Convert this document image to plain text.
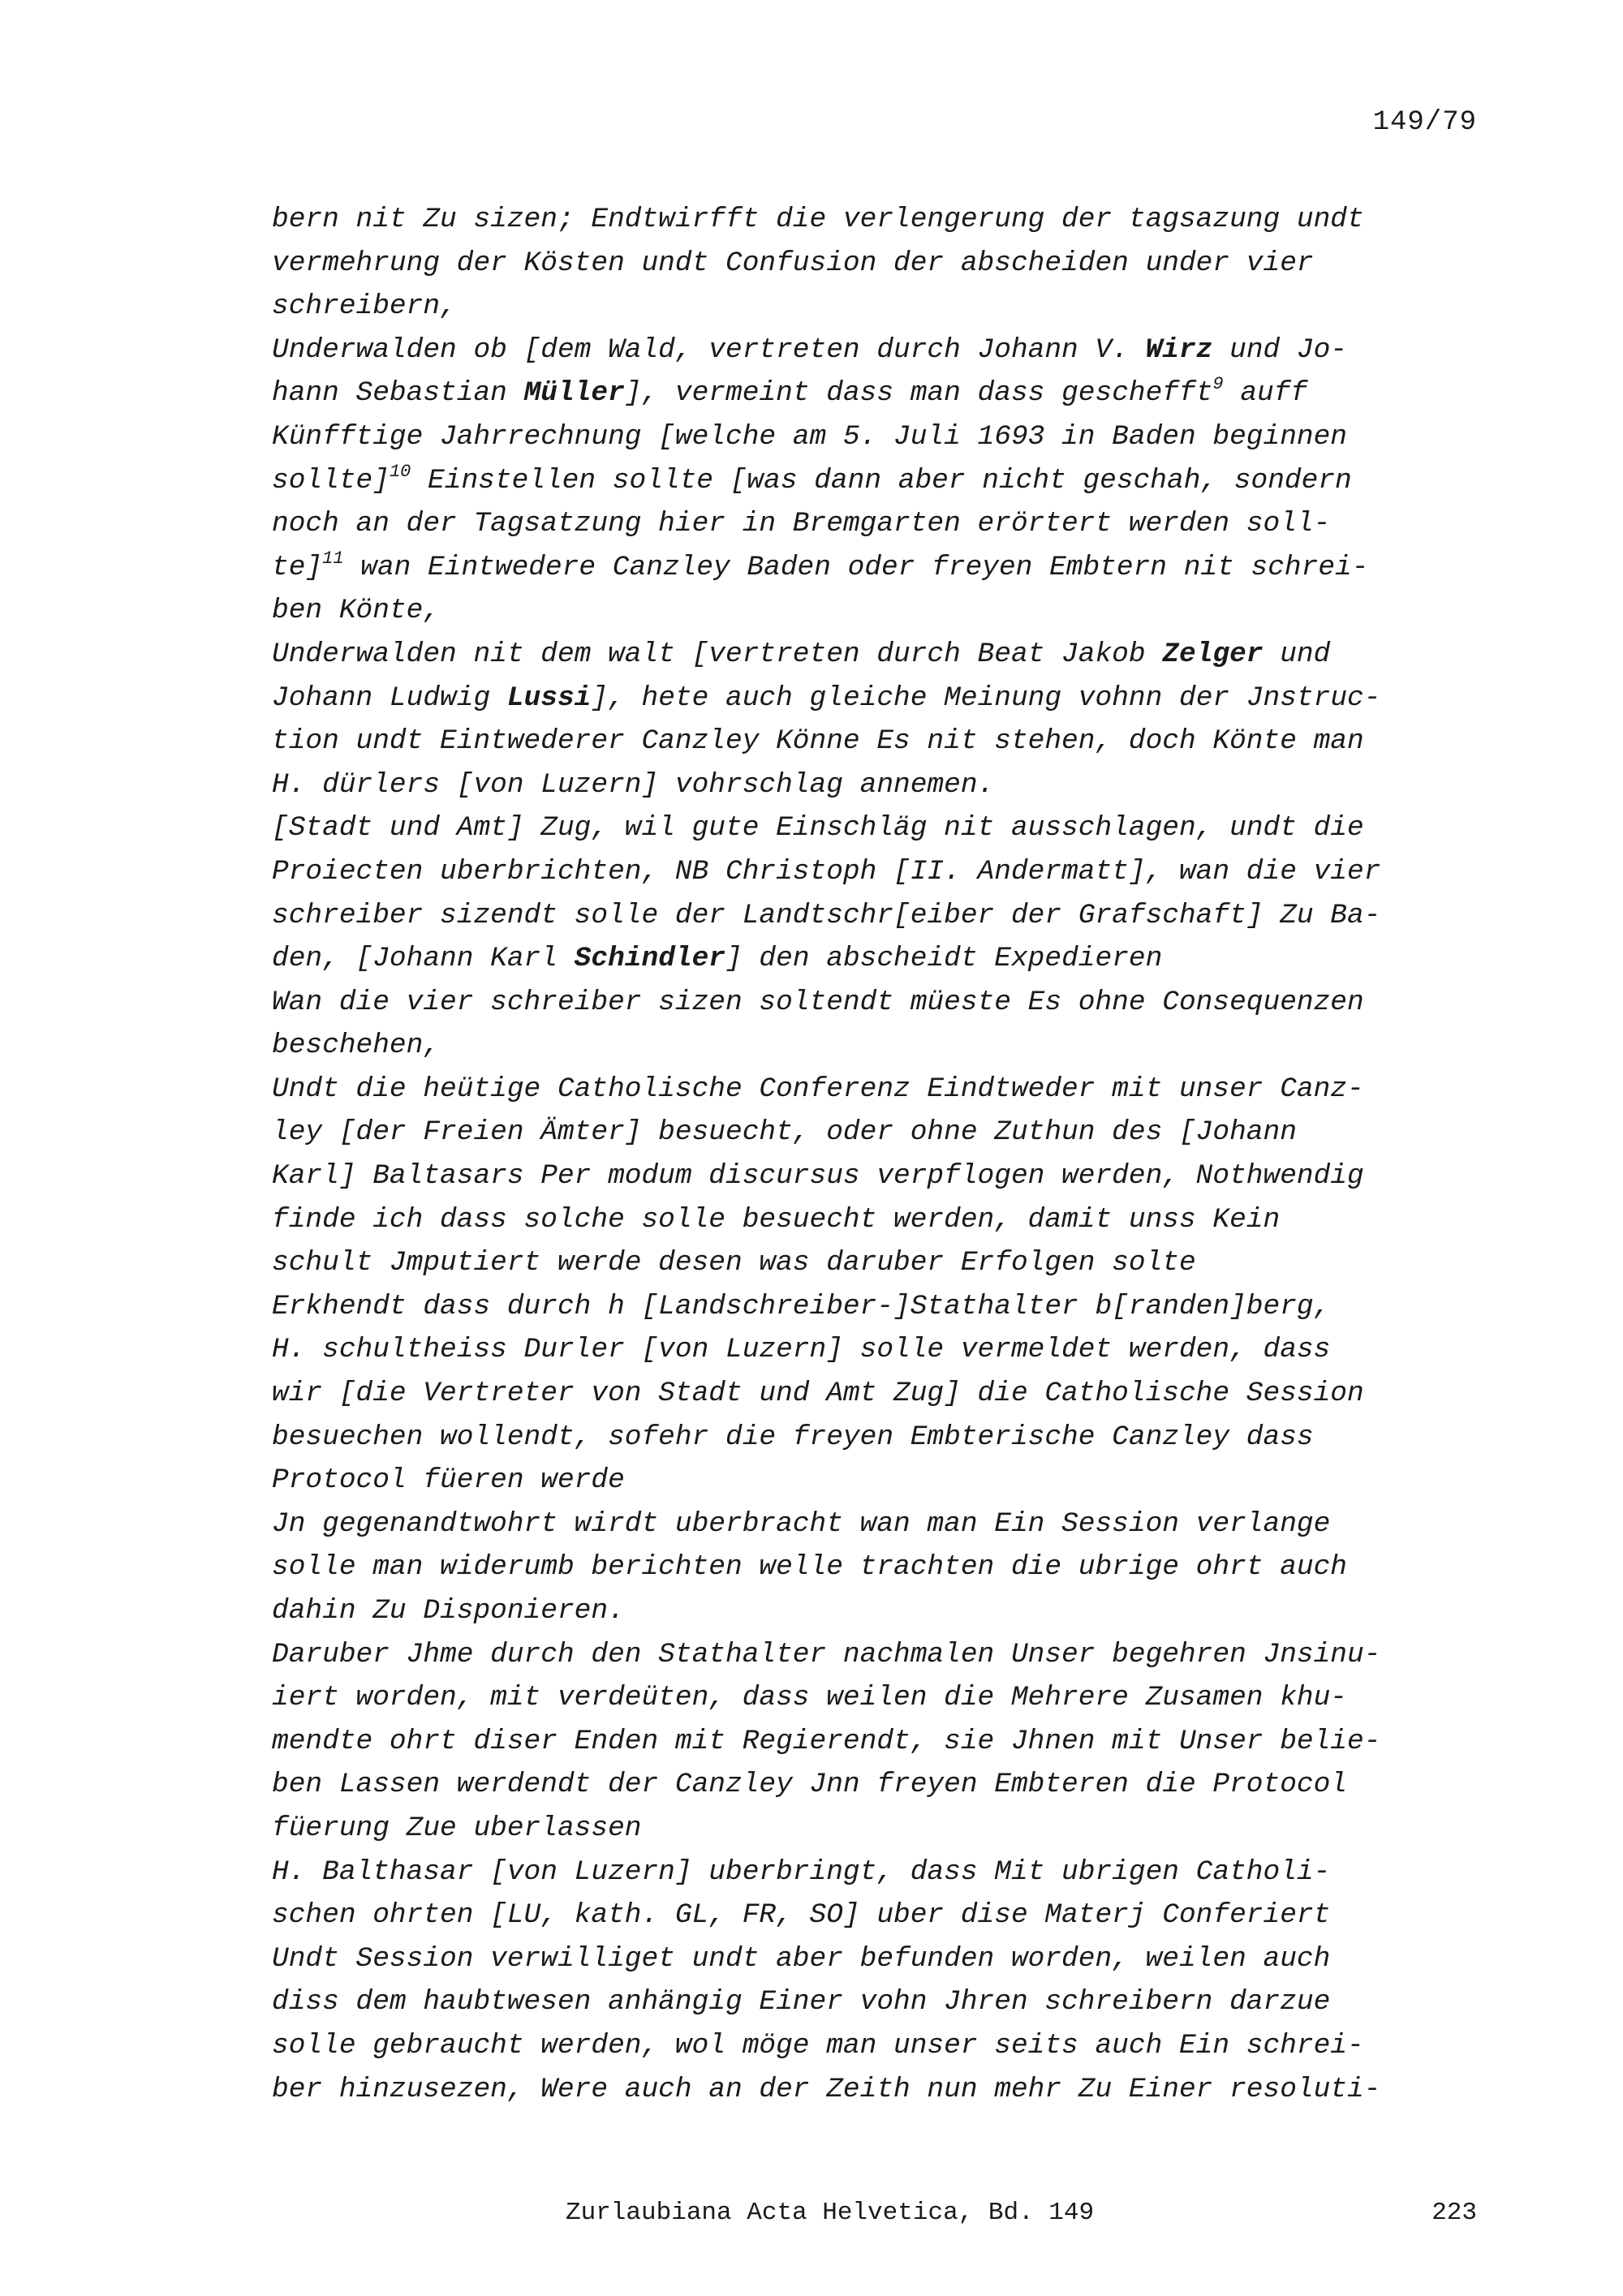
149/79
bern nit Zu sizen; Endtwirfft die verlengerung der tagsazung undt
vermehrung der Kösten undt Confusion der abscheiden under vier
schreibern,
Underwalden ob [dem Wald, vertreten durch Johann V. Wirz und Jo-
hann Sebastian Müller], vermeint dass man dass geschefft$^9$ auff
Künfftige Jahrrechnung [welche am 5. Juli 1693 in Baden beginnen
sollte]$^{10}$ Einstellen sollte [was dann aber nicht geschah, sondern
noch an der Tagsatzung hier in Bremgarten erörtert werden soll-
te]$^{11}$ wan Eintwedere Canzley Baden oder freyen Embtern nit schrei-
ben Könte,
Underwalden nit dem walt [vertreten durch Beat Jakob Zelger und
Johann Ludwig Lussi], hete auch gleiche Meinung vohnn der Jnstruc-
tion undt Eintwederer Canzley Könne Es nit stehen, doch Könte man
H. dürlers [von Luzern] vohrschlag annemen.
[Stadt und Amt] Zug, wil gute Einschläg nit ausschlagen, undt die
Proiecten uberbrichten, NB Christoph [II. Andermatt], wan die vier
schreiber sizendt solle der Landtschr[eiber der Grafschaft] Zu Ba-
den, [Johann Karl Schindler] den abscheidt Expedieren
Wan die vier schreiber sizen soltendt müeste Es ohne Consequenzen
beschehen,
Undt die heütige Catholische Conferenz Eindtweder mit unser Canz-
ley [der Freien Ämter] besuecht, oder ohne Zuthun des [Johann
Karl] Baltasars Per modum discursus verpflogen werden, Nothwendig
finde ich dass solche solle besuecht werden, damit unss Kein
schult Jmputiert werde desen was daruber Erfolgen solte
Erkhendt dass durch h [Landschreiber-]Stathalter b[randen]berg,
H. schultheiss Durler [von Luzern] solle vermeldet werden, dass
wir [die Vertreter von Stadt und Amt Zug] die Catholische Session
besuechen wollendt, sofehr die freyen Embterische Canzley dass
Protocol füeren werde
Jn gegenandtwohrt wirdt uberbracht wan man Ein Session verlange
solle man widerumb berichten welle trachten die ubrige ohrt auch
dahin Zu Disponieren.
Daruber Jhme durch den Stathalter nachmalen Unser begehren Jnsinu-
iert worden, mit verdeüten, dass weilen die Mehrere Zusamen khu-
mendte ohrt diser Enden mit Regierendt, sie Jhnen mit Unser belie-
ben Lassen werdendt der Canzley Jnn freyen Embteren die Protocol
füerung Zue uberlassen
H. Balthasar [von Luzern] uberbringt, dass Mit ubrigen Catholi-
schen ohrten [LU, kath. GL, FR, SO] uber dise Materj Conferiert
Undt Session verwilliget undt aber befunden worden, weilen auch
diss dem haubtwesen anhängig Einer vohn Jhren schreibern darzue
solle gebraucht werden, wol möge man unser seits auch Ein schrei-
ber hinzusezen, Were auch an der Zeith nun mehr Zu Einer resoluti-
Zurlaubiana Acta Helvetica, Bd. 149	223
